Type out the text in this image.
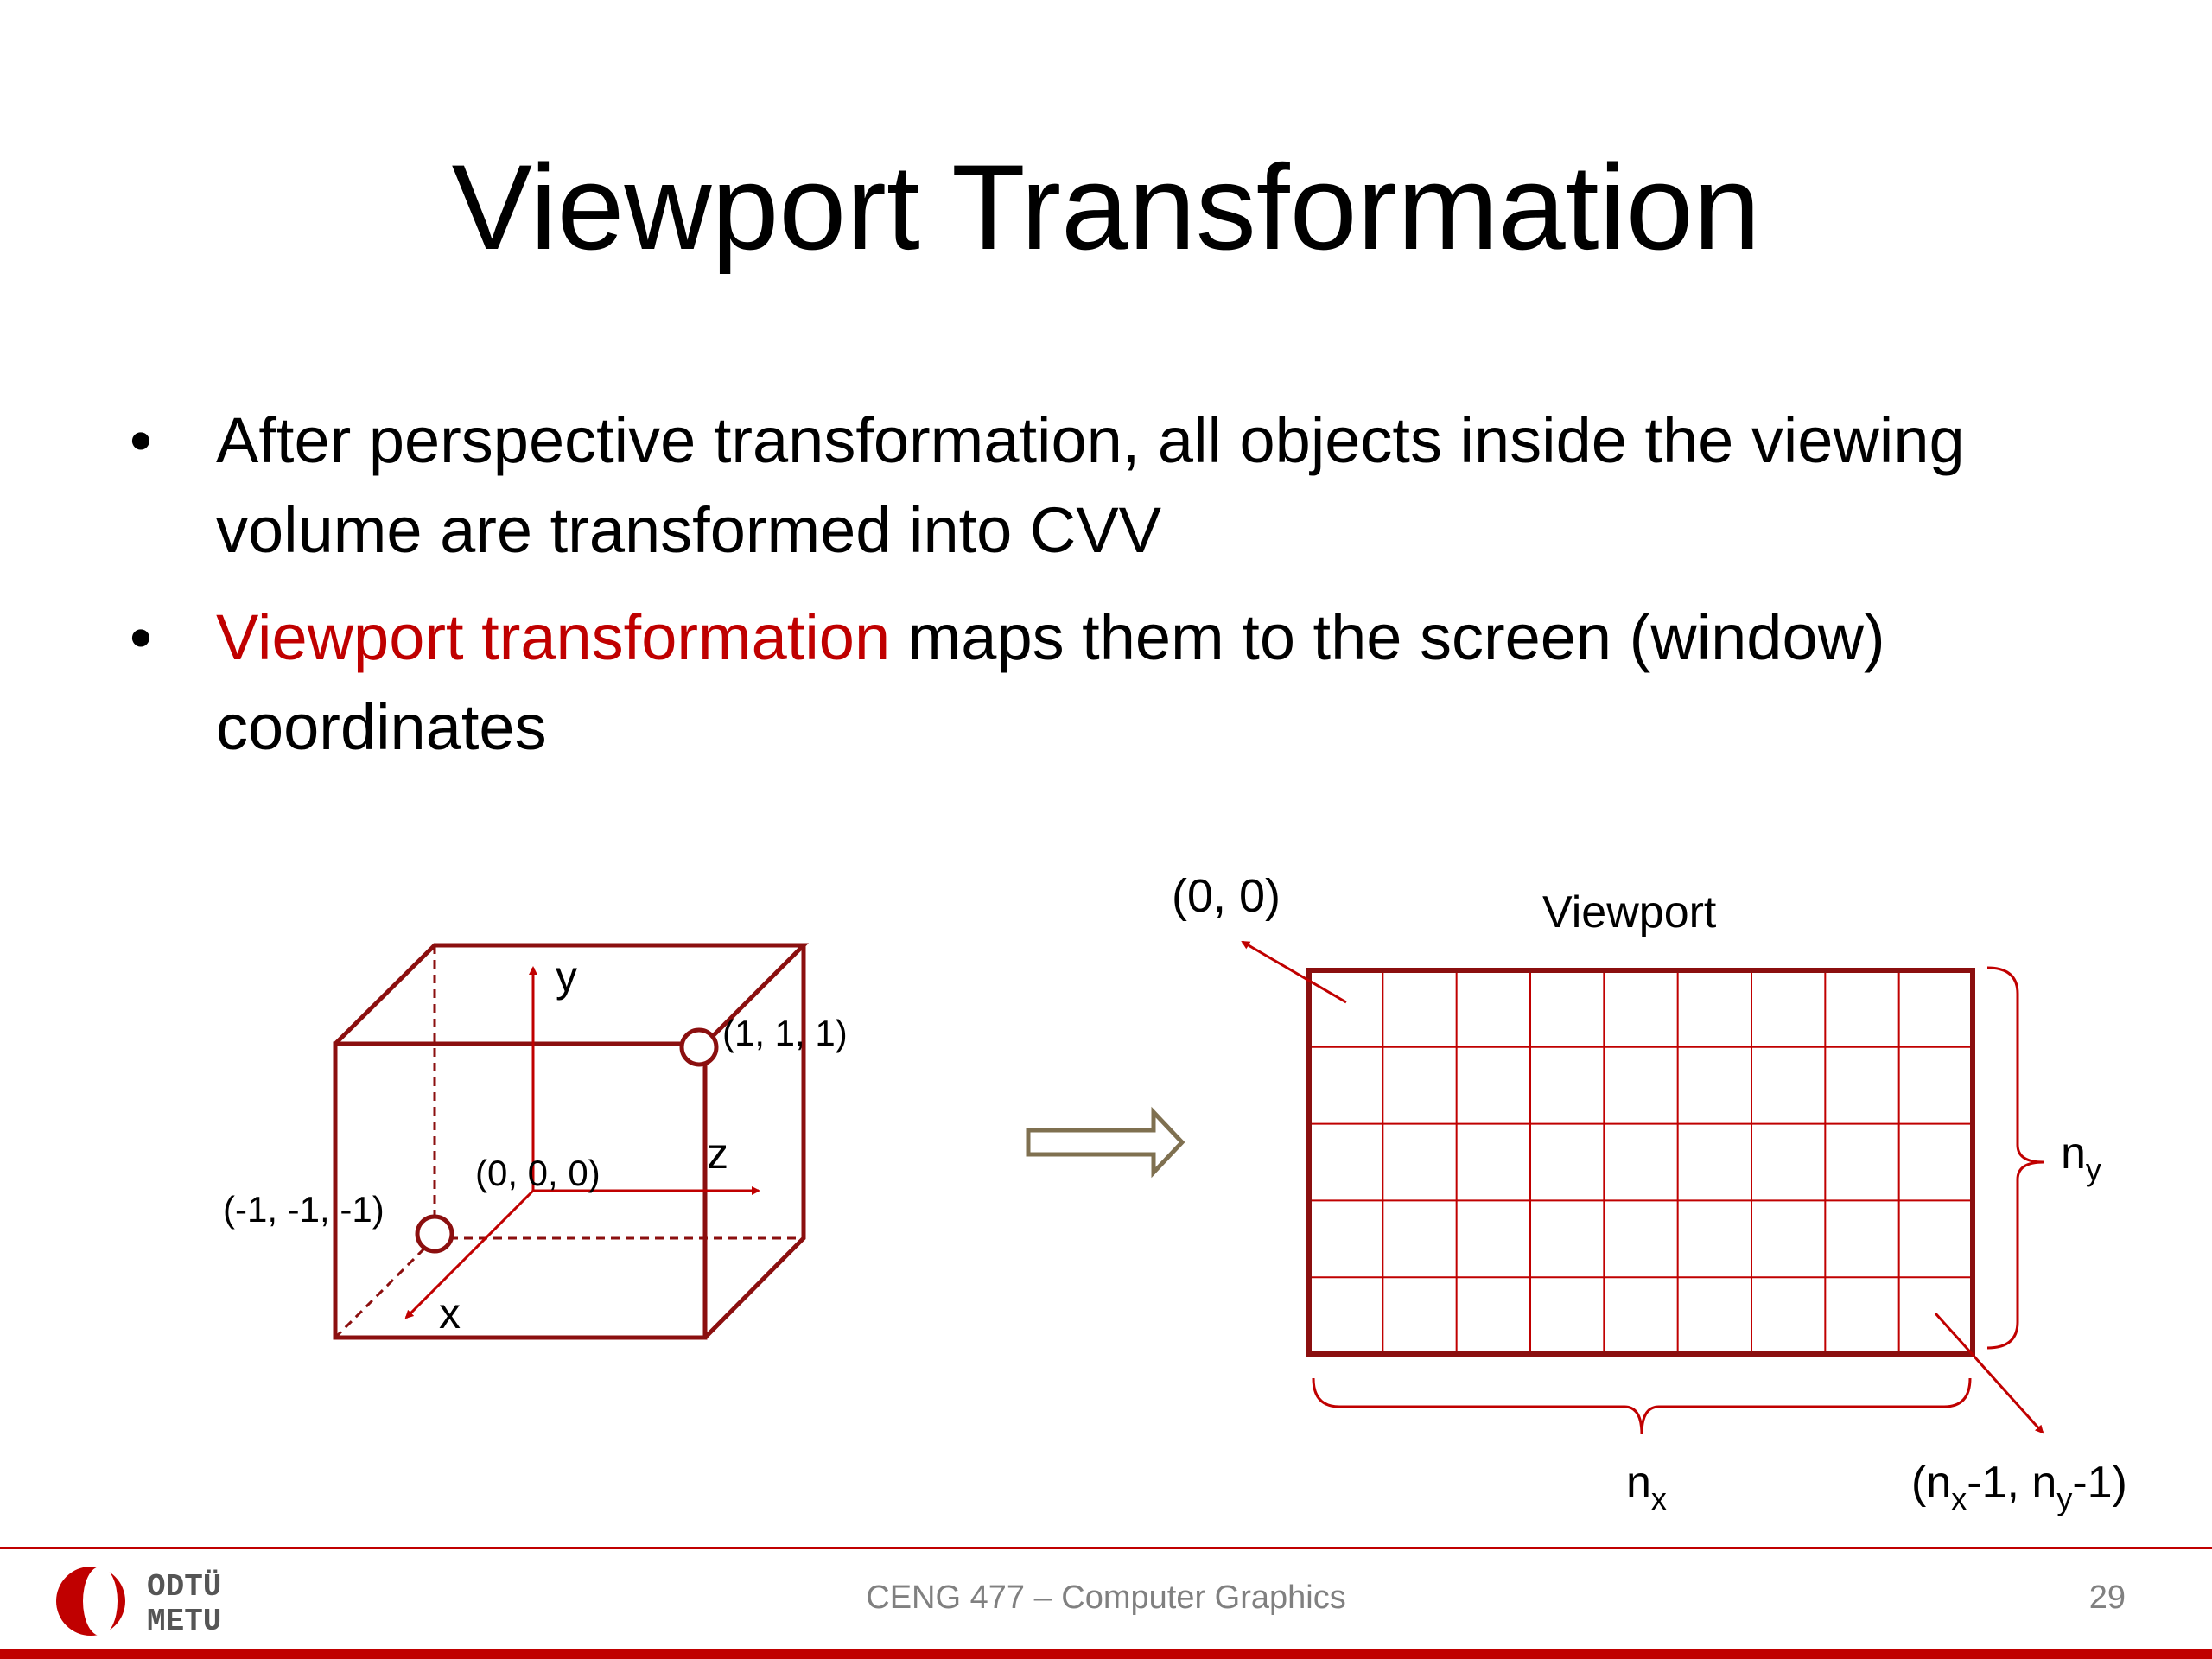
Viewport Transformation
• After perspective transformation, all objects inside the viewing volume are transformed into CVV
• Viewport transformation maps them to the screen (window) coordinates
y
z
x
(0, 0, 0)
(1, 1, 1)
(-1, -1, -1)
Viewport
(0, 0)
$n_x$
$n_y$
($n_x-1$, $n_y-1$)
ODTÜ
METU
CENG 477 – Computer Graphics	29
